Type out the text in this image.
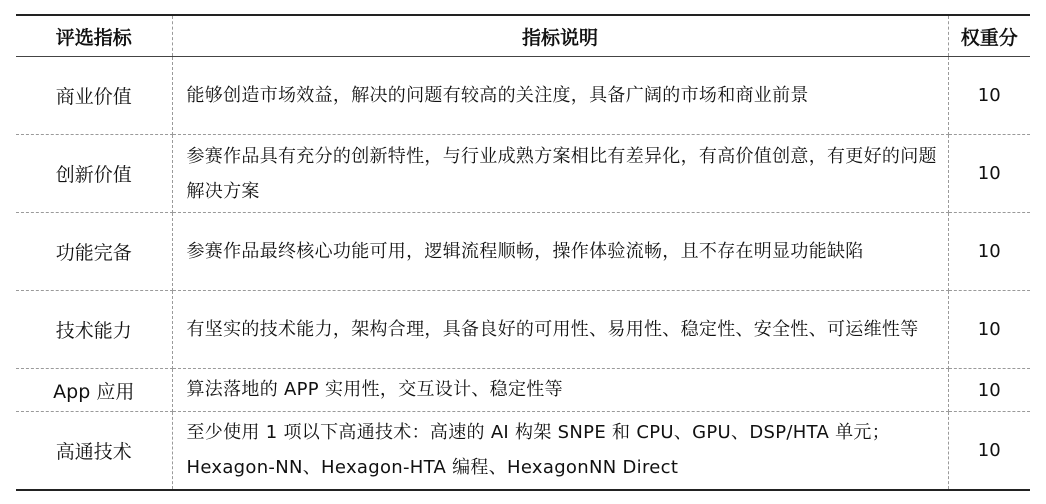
评选指标	指标说明	权重分
商业价值	能够创造市场效益，解决的问题有较高的关注度，具备广阔的市场和商业前景	10
创新价值	参赛作品具有充分的创新特性，与行业成熟方案相比有差异化，有高价值创意，有更好的问题解决方案	10
功能完备	参赛作品最终核心功能可用，逻辑流程顺畅，操作体验流畅，且不存在明显功能缺陷	10
技术能力	有坚实的技术能力，架构合理，具备良好的可用性、易用性、稳定性、安全性、可运维性等	10
App 应用	算法落地的 APP 实用性，交互设计、稳定性等	10
高通技术	至少使用 1 项以下高通技术：高速的 AI 构架 SNPE 和 CPU、GPU、DSP/HTA 单元；Hexagon-NN、Hexagon-HTA 编程、HexagonNN Direct	10
